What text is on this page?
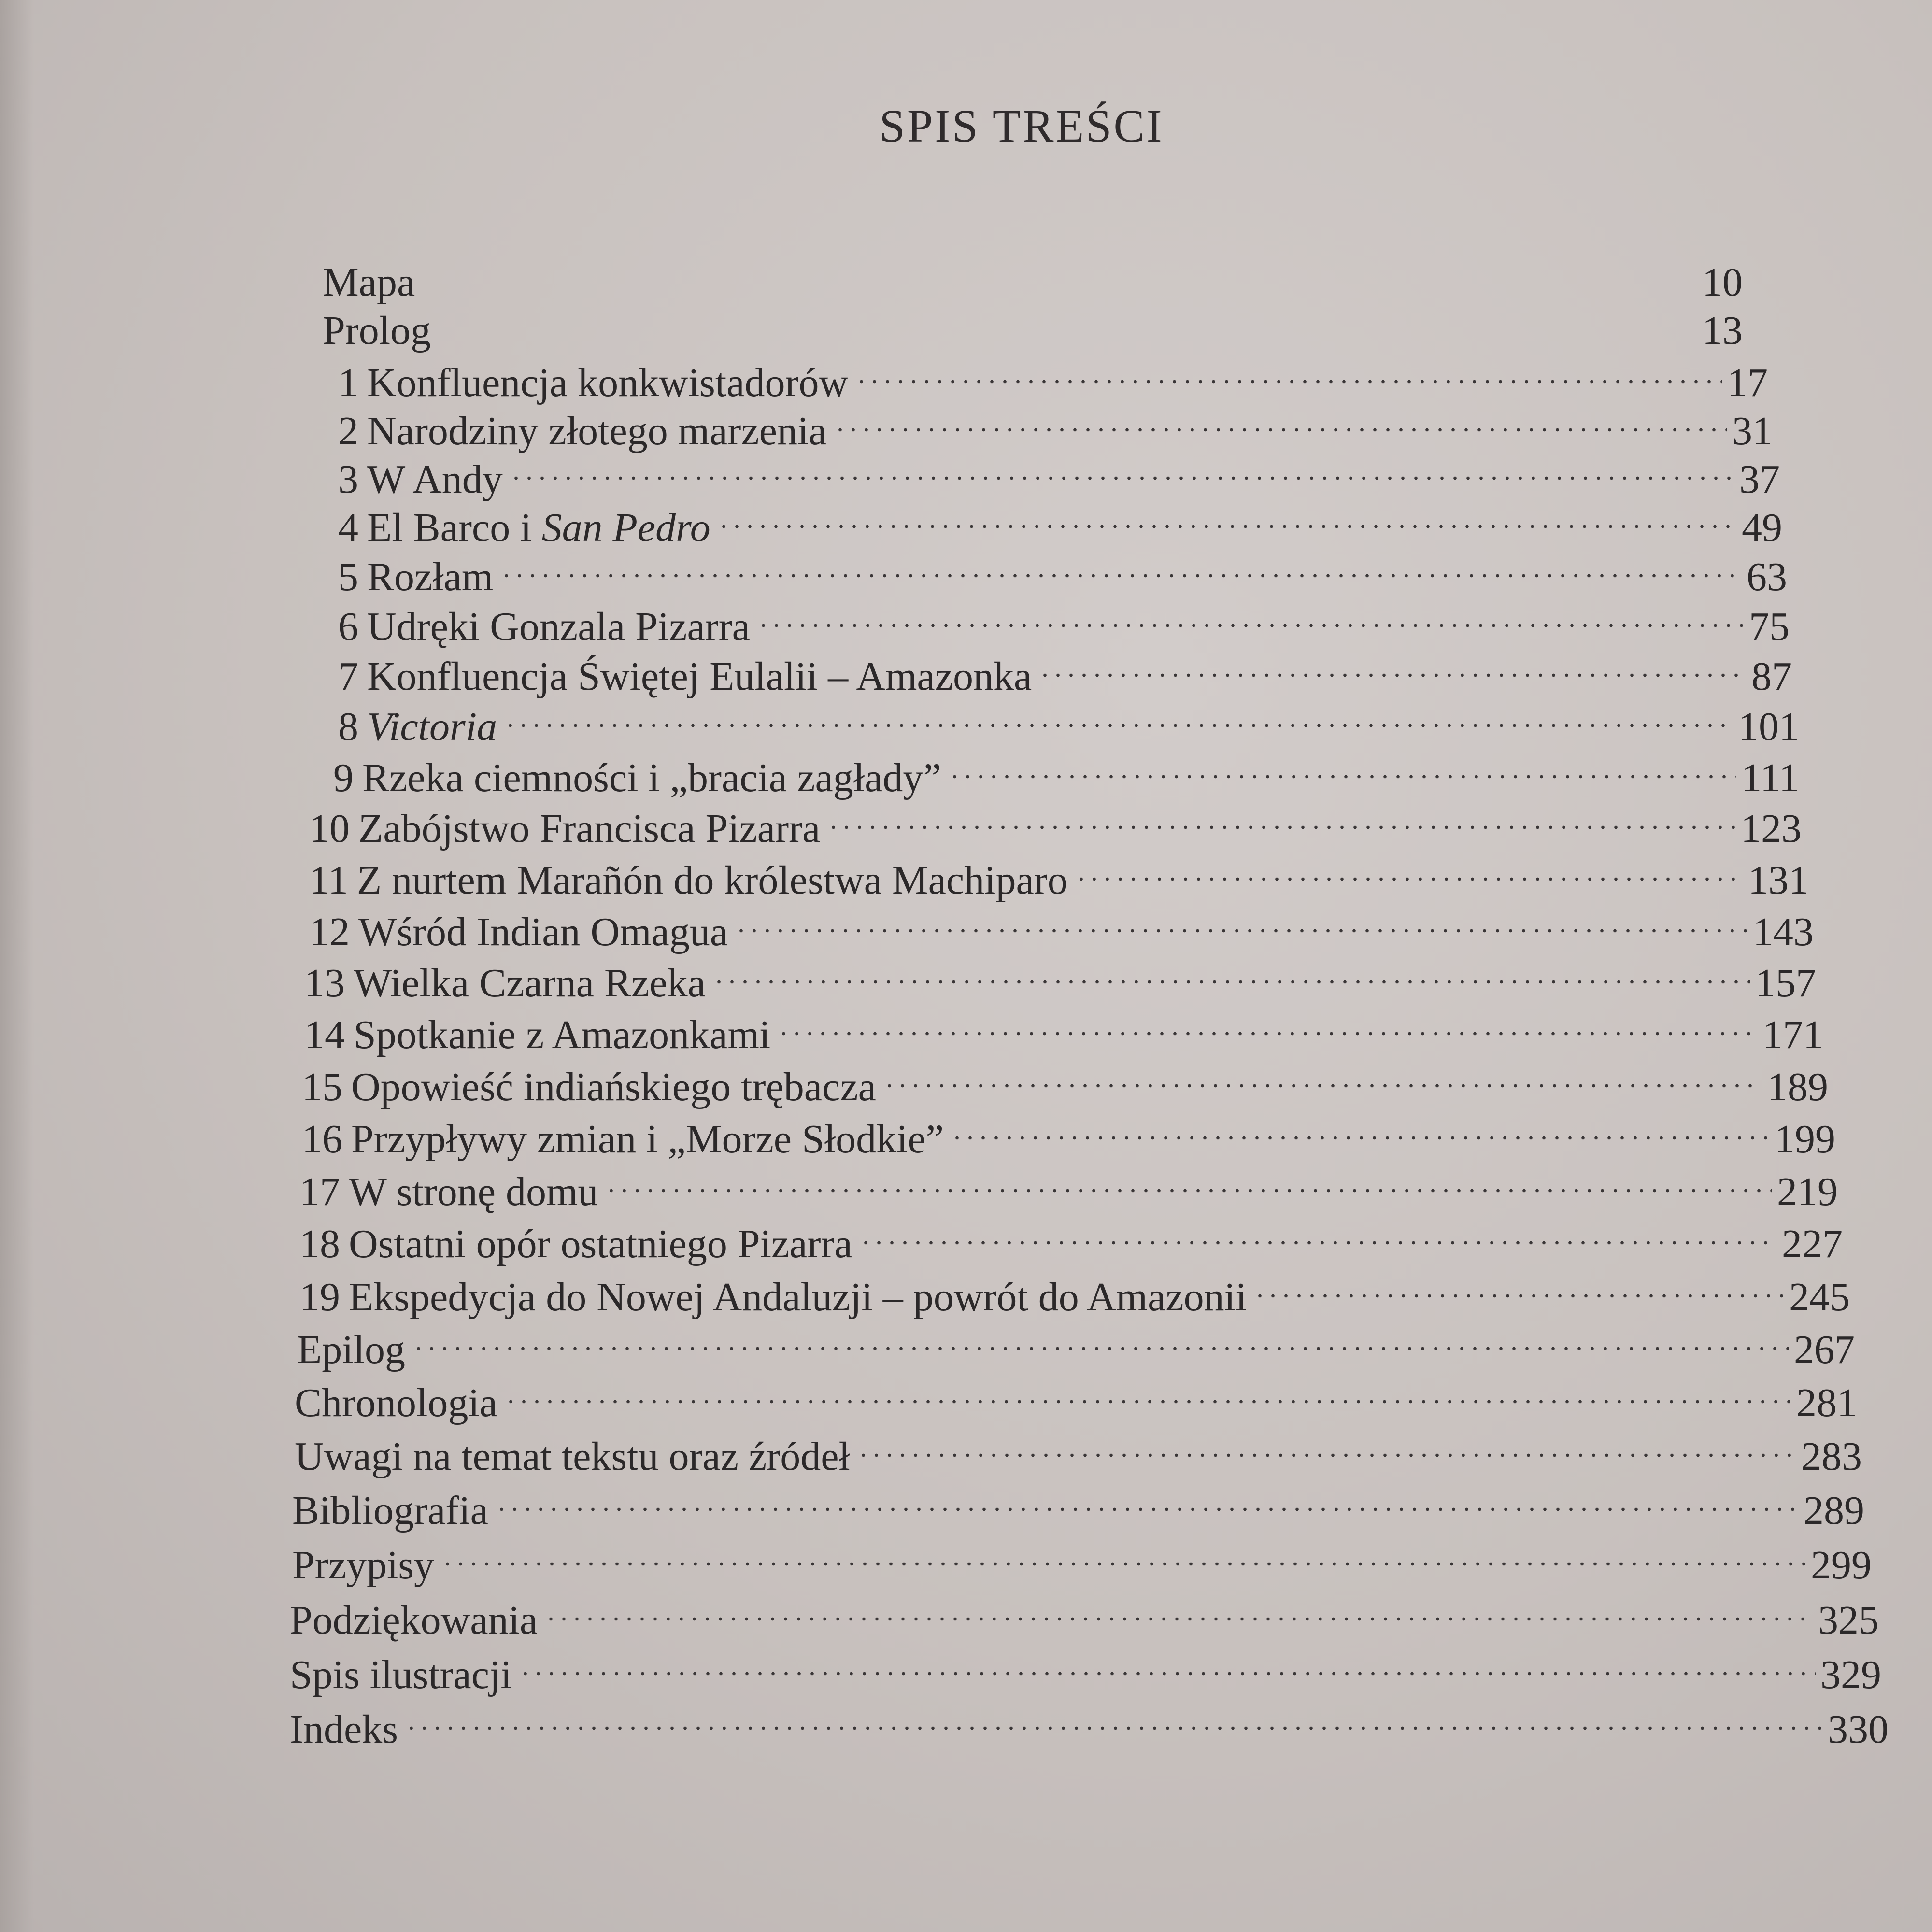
SPIS TREŚCI
Mapa	10
Prolog	13
1 Konfluencja konkwistadorów	17
2 Narodziny złotego marzenia	31
3 W Andy	37
4 El Barco i San Pedro	49
5 Rozłam	63
6 Udręki Gonzala Pizarra	75
7 Konfluencja Świętej Eulalii – Amazonka	87
8 Victoria	101
9 Rzeka ciemności i „bracia zagłady”	111
10 Zabójstwo Francisca Pizarra	123
11 Z nurtem Marañón do królestwa Machiparo	131
12 Wśród Indian Omagua	143
13 Wielka Czarna Rzeka	157
14 Spotkanie z Amazonkami	171
15 Opowieść indiańskiego trębacza	189
16 Przypływy zmian i „Morze Słodkie”	199
17 W stronę domu	219
18 Ostatni opór ostatniego Pizarra	227
19 Ekspedycja do Nowej Andaluzji – powrót do Amazonii	245
Epilog	267
Chronologia	281
Uwagi na temat tekstu oraz źródeł	283
Bibliografia	289
Przypisy	299
Podziękowania	325
Spis ilustracji	329
Indeks	330
